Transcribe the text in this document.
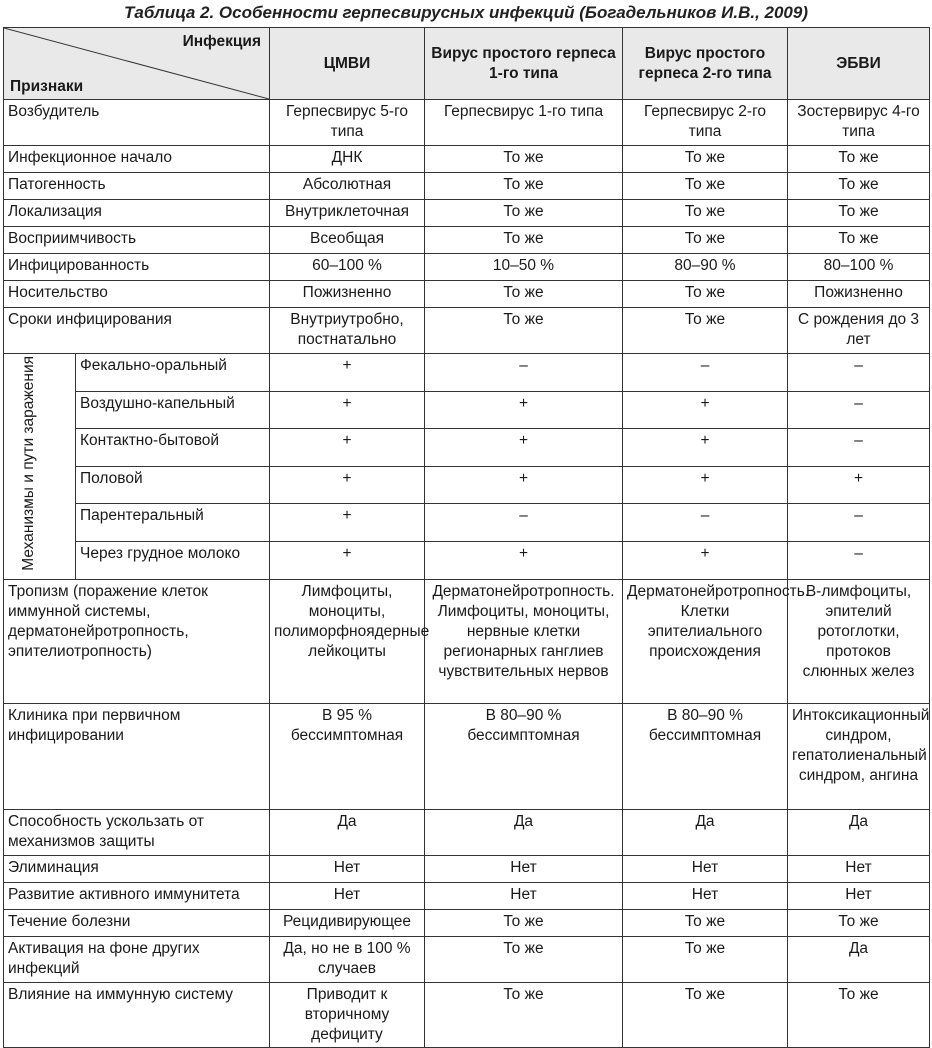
Таблица 2. Особенности герпесвирусных инфекций (Богадельников И.В., 2009)
Инфекция
Признаки		ЦМВИ	Вирус простого герпеса 1-го типа	Вирус простого герпеса 2-го типа	ЭБВИ
Возбудитель		Герпесвирус 5-го типа	Герпесвирус 1-го типа	Герпесвирус 2-го типа	Зостервирус 4-го типа
Инфекционное начало		ДНК	То же	То же	То же
Патогенность		Абсолютная	То же	То же	То же
Локализация		Внутриклеточная	То же	То же	То же
Восприимчивость		Всеобщая	То же	То же	То же
Инфицированность		60–100 %	10–50 %	80–90 %	80–100 %
Носительство		Пожизненно	То же	То же	Пожизненно
Сроки инфицирования		Внутриутробно, постнатально	То же	То же	С рождения до 3 лет
Механизмы и пути заражения	Фекально-оральный	+	–	–	–
	Воздушно-капельный	+	+	+	–
	Контактно-бытовой	+	+	+	–
	Половой	+	+	+	+
	Парентеральный	+	–	–	–
	Через грудное молоко	+	+	+	–
Тропизм (поражение клеток иммунной системы, дерматонейротропность, эпителиотропность)		Лимфоциты, моноциты, полиморфноядерные лейкоциты	Дерматонейротропность. Лимфоциты, моноциты, нервные клетки регионарных ганглиев чувствительных нервов	Дерматонейротропность. Клетки эпителиального происхождения	В-лимфоциты, эпителий ротоглотки, протоков слюнных желез
Клиника при первичном инфицировании		В 95 % бессимптомная	В 80–90 % бессимптомная	В 80–90 % бессимптомная	Интоксикационный синдром, гепатолиенальный синдром, ангина
Способность ускользать от механизмов защиты		Да	Да	Да	Да
Элиминация		Нет	Нет	Нет	Нет
Развитие активного иммунитета		Нет	Нет	Нет	Нет
Течение болезни		Рецидивирующее	То же	То же	То же
Активация на фоне других инфекций		Да, но не в 100 % случаев	То же	То же	Да
Влияние на иммунную систему		Приводит к вторичному дефициту	То же	То же	То же
